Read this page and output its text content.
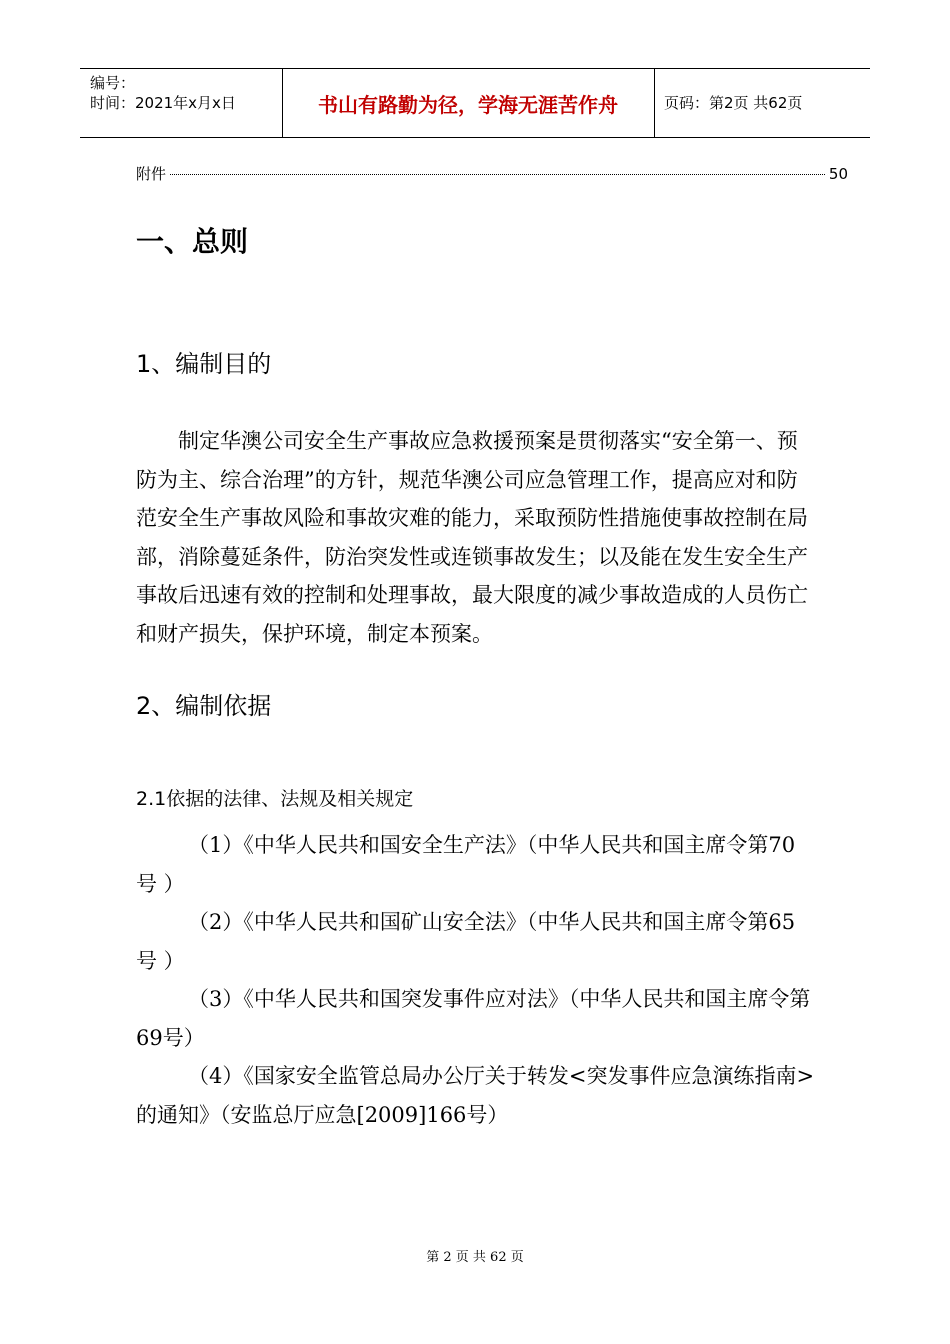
编号：
时间：2021年x月x日	书山有路勤为径，学海无涯苦作舟	页码：第2页 共62页
附件	50
一、总则
1、编制目的

制定华澳公司安全生产事故应急救援预案是贯彻落实“安全第一、预防为主、综合治理”的方针，规范华澳公司应急管理工作，提高应对和防范安全生产事故风险和事故灾难的能力，采取预防性措施使事故控制在局部，消除蔓延条件，防治突发性或连锁事故发生；以及能在发生安全生产事故后迅速有效的控制和处理事故，最大限度的减少事故造成的人员伤亡和财产损失，保护环境，制定本预案。

2、编制依据
2.1依据的法律、法规及相关规定

（1）《中华人民共和国安全生产法》（中华人民共和国主席令第70号 ）

（2）《中华人民共和国矿山安全法》（中华人民共和国主席令第65号 ）

（3）《中华人民共和国突发事件应对法》（中华人民共和国主席令第69号）

（4）《国家安全监管总局办公厅关于转发<突发事件应急演练指南>的通知》（安监总厅应急[2009]166号）

第 2 页 共 62 页
